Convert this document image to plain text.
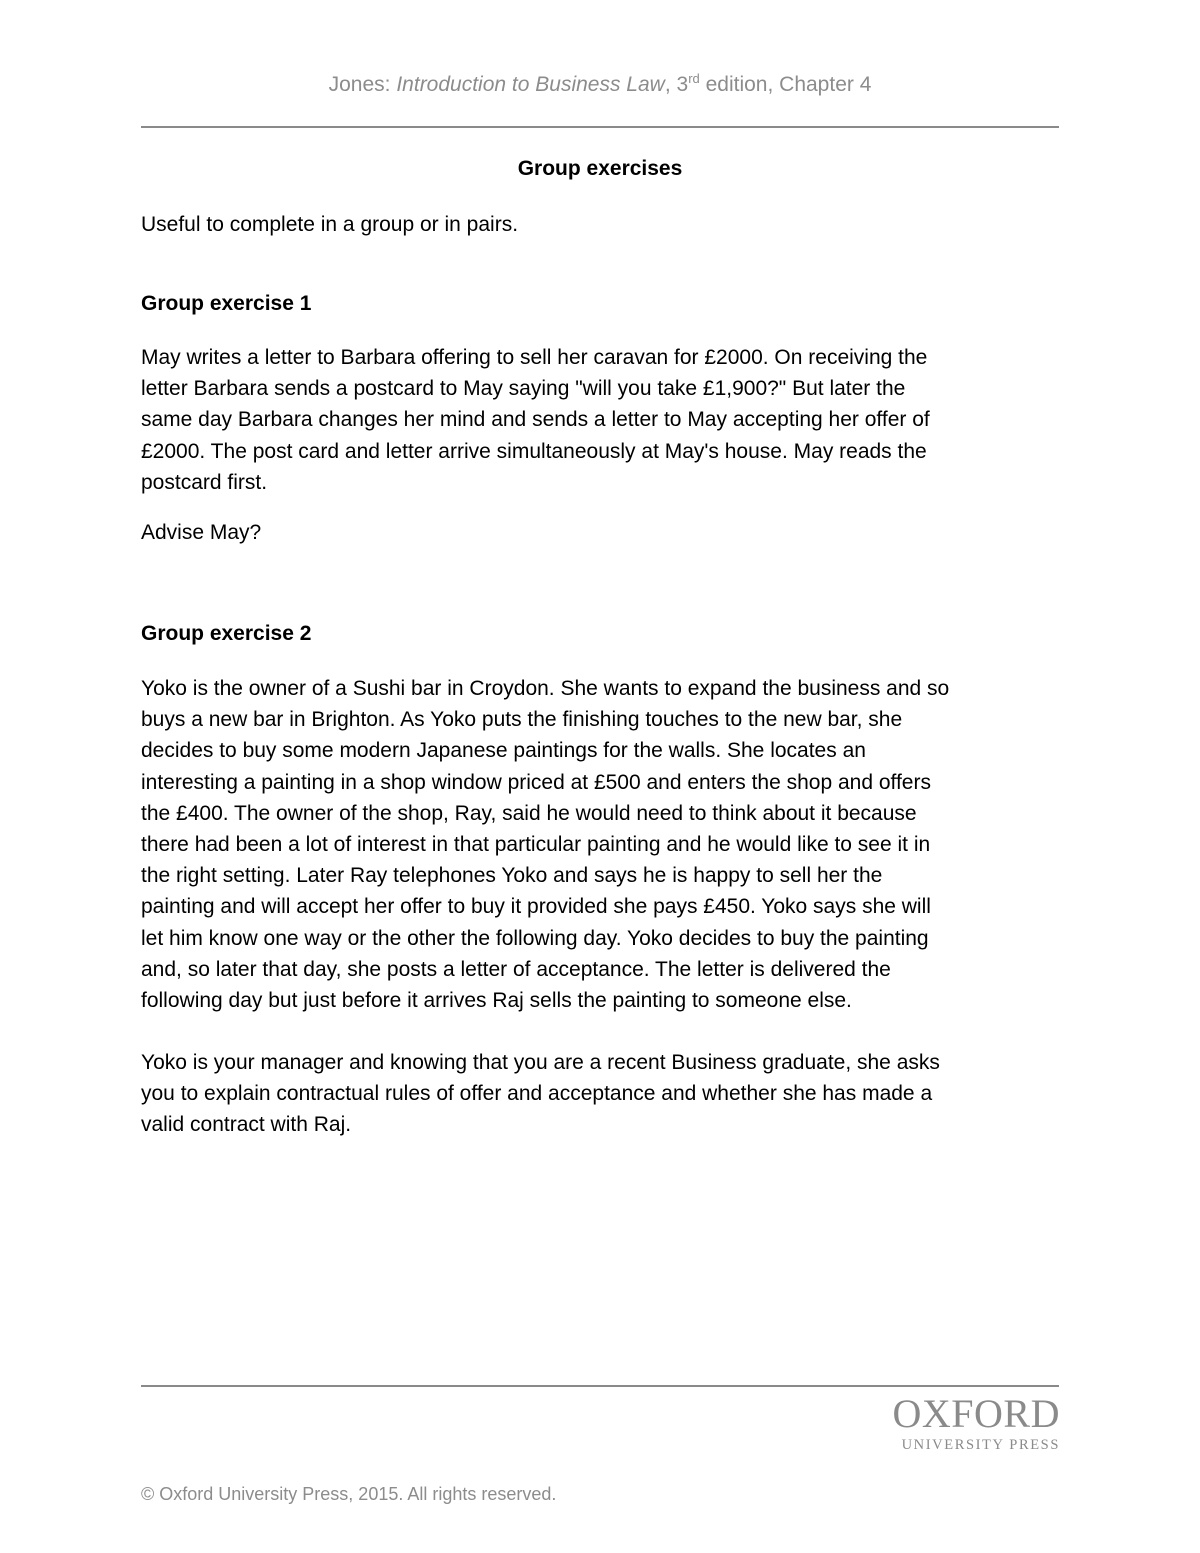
Jones: Introduction to Business Law, 3rd edition, Chapter 4
Group exercises

Useful to complete in a group or in pairs.

Group exercise 1

May writes a letter to Barbara offering to sell her caravan for £2000. On receiving the
letter Barbara sends a postcard to May saying "will you take £1,900?" But later the
same day Barbara changes her mind and sends a letter to May accepting her offer of
£2000. The post card and letter arrive simultaneously at May's house. May reads the
postcard first.

Advise May?

Group exercise 2

Yoko is the owner of a Sushi bar in Croydon. She wants to expand the business and so
buys a new bar in Brighton. As Yoko puts the finishing touches to the new bar, she
decides to buy some modern Japanese paintings for the walls. She locates an
interesting a painting in a shop window priced at £500 and enters the shop and offers
the £400. The owner of the shop, Ray, said he would need to think about it because
there had been a lot of interest in that particular painting and he would like to see it in
the right setting. Later Ray telephones Yoko and says he is happy to sell her the
painting and will accept her offer to buy it provided she pays £450. Yoko says she will
let him know one way or the other the following day. Yoko decides to buy the painting
and, so later that day, she posts a letter of acceptance. The letter is delivered the
following day but just before it arrives Raj sells the painting to someone else.

Yoko is your manager and knowing that you are a recent Business graduate, she asks
you to explain contractual rules of offer and acceptance and whether she has made a
valid contract with Raj.

OXFORD
UNIVERSITY PRESS
© Oxford University Press, 2015. All rights reserved.
